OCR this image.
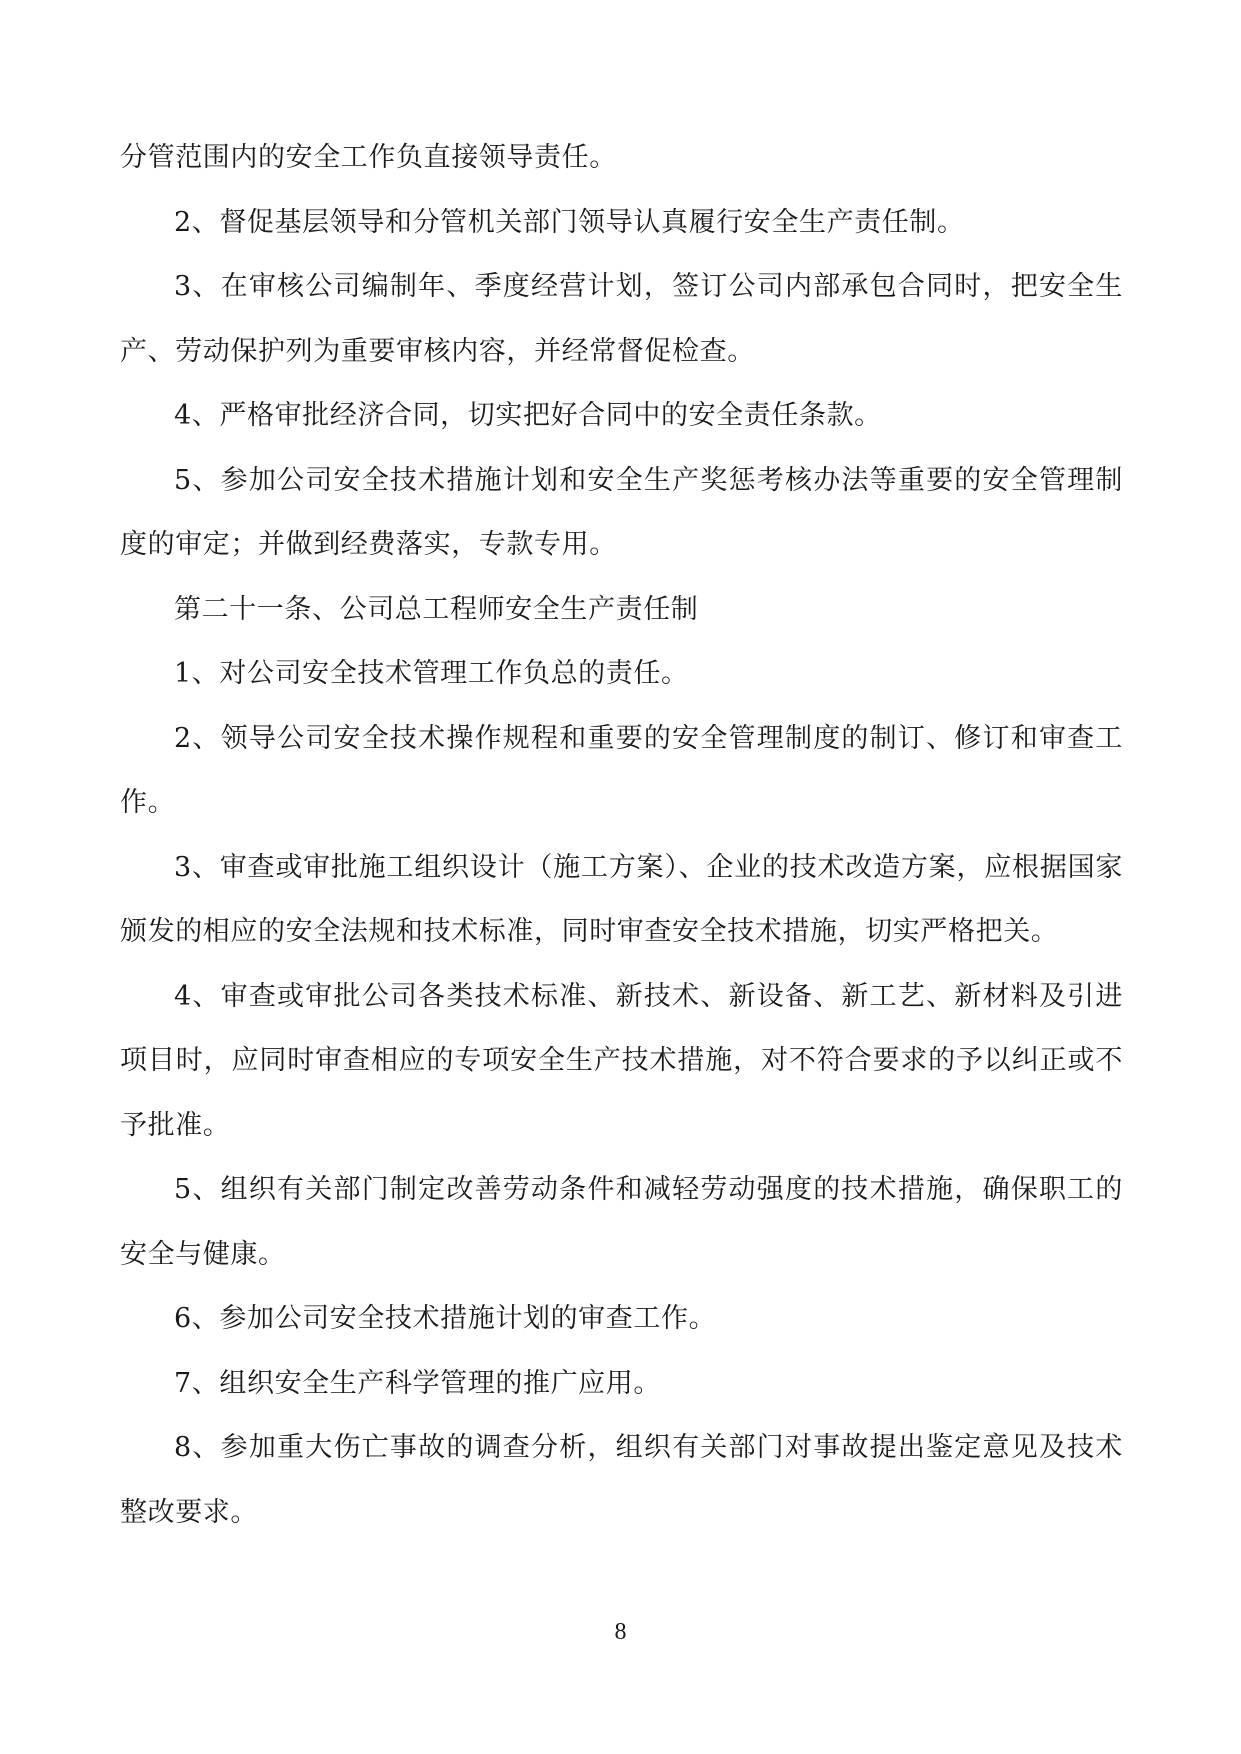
分管范围内的安全工作负直接领导责任。

2、督促基层领导和分管机关部门领导认真履行安全生产责任制。

3、在审核公司编制年、季度经营计划，签订公司内部承包合同时，把安全生产、劳动保护列为重要审核内容，并经常督促检查。

4、严格审批经济合同，切实把好合同中的安全责任条款。

5、参加公司安全技术措施计划和安全生产奖惩考核办法等重要的安全管理制度的审定；并做到经费落实，专款专用。

第二十一条、公司总工程师安全生产责任制

1、对公司安全技术管理工作负总的责任。

2、领导公司安全技术操作规程和重要的安全管理制度的制订、修订和审查工作。

3、审查或审批施工组织设计（施工方案）、企业的技术改造方案，应根据国家颁发的相应的安全法规和技术标准，同时审查安全技术措施，切实严格把关。

4、审查或审批公司各类技术标准、新技术、新设备、新工艺、新材料及引进项目时，应同时审查相应的专项安全生产技术措施，对不符合要求的予以纠正或不予批准。

5、组织有关部门制定改善劳动条件和减轻劳动强度的技术措施，确保职工的安全与健康。

6、参加公司安全技术措施计划的审查工作。

7、组织安全生产科学管理的推广应用。

8、参加重大伤亡事故的调查分析，组织有关部门对事故提出鉴定意见及技术整改要求。

8
